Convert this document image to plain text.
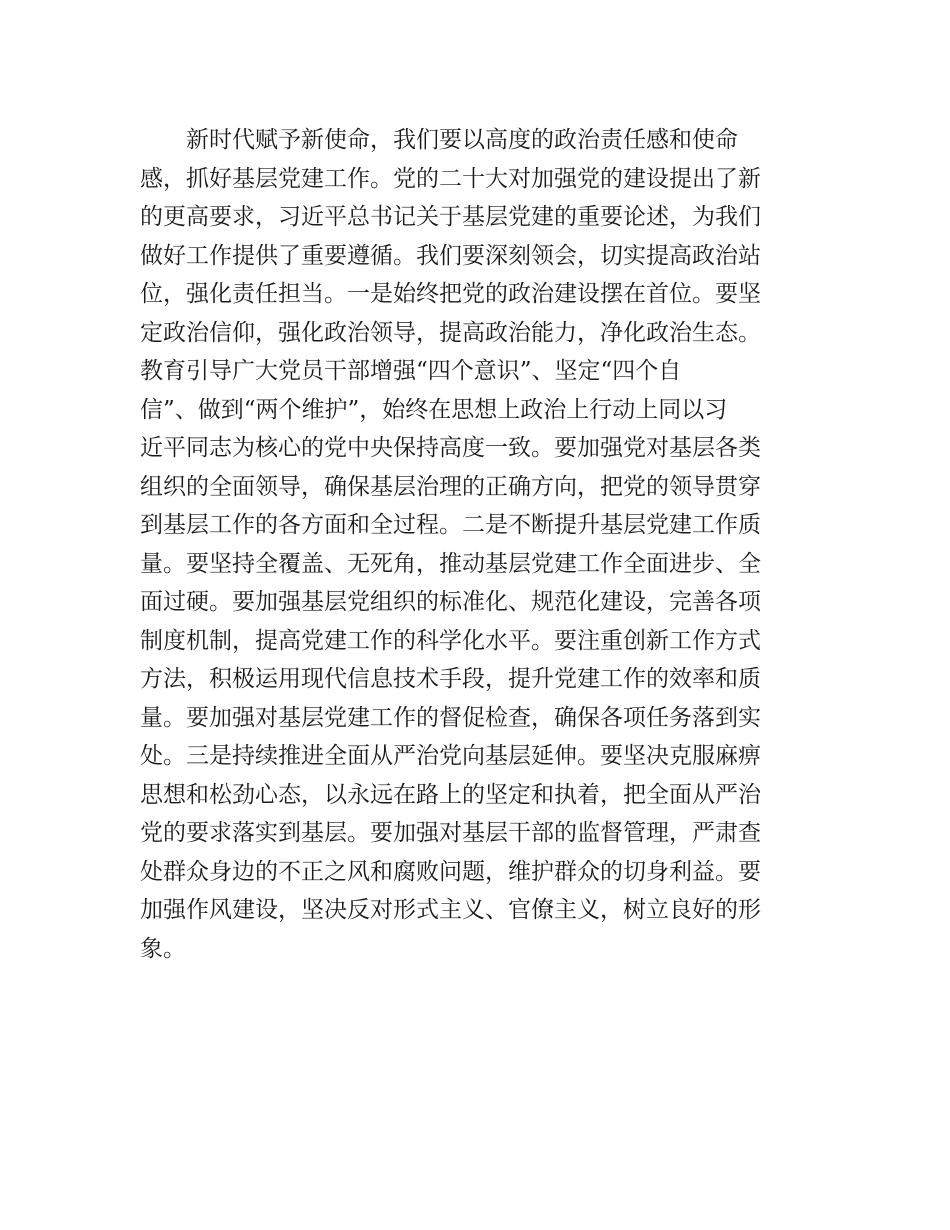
新时代赋予新使命，我们要以高度的政治责任感和使命
感，抓好基层党建工作。党的二十大对加强党的建设提出了新
的更高要求，习近平总书记关于基层党建的重要论述，为我们
做好工作提供了重要遵循。我们要深刻领会，切实提高政治站
位，强化责任担当。一是始终把党的政治建设摆在首位。要坚
定政治信仰，强化政治领导，提高政治能力，净化政治生态。
教育引导广大党员干部增强“四个意识”、坚定“四个自
信”、做到“两个维护”，始终在思想上政治上行动上同以习
近平同志为核心的党中央保持高度一致。要加强党对基层各类
组织的全面领导，确保基层治理的正确方向，把党的领导贯穿
到基层工作的各方面和全过程。二是不断提升基层党建工作质
量。要坚持全覆盖、无死角，推动基层党建工作全面进步、全
面过硬。要加强基层党组织的标准化、规范化建设，完善各项
制度机制，提高党建工作的科学化水平。要注重创新工作方式
方法，积极运用现代信息技术手段，提升党建工作的效率和质
量。要加强对基层党建工作的督促检查，确保各项任务落到实
处。三是持续推进全面从严治党向基层延伸。要坚决克服麻痹
思想和松劲心态，以永远在路上的坚定和执着，把全面从严治
党的要求落实到基层。要加强对基层干部的监督管理，严肃查
处群众身边的不正之风和腐败问题，维护群众的切身利益。要
加强作风建设，坚决反对形式主义、官僚主义，树立良好的形
象。
